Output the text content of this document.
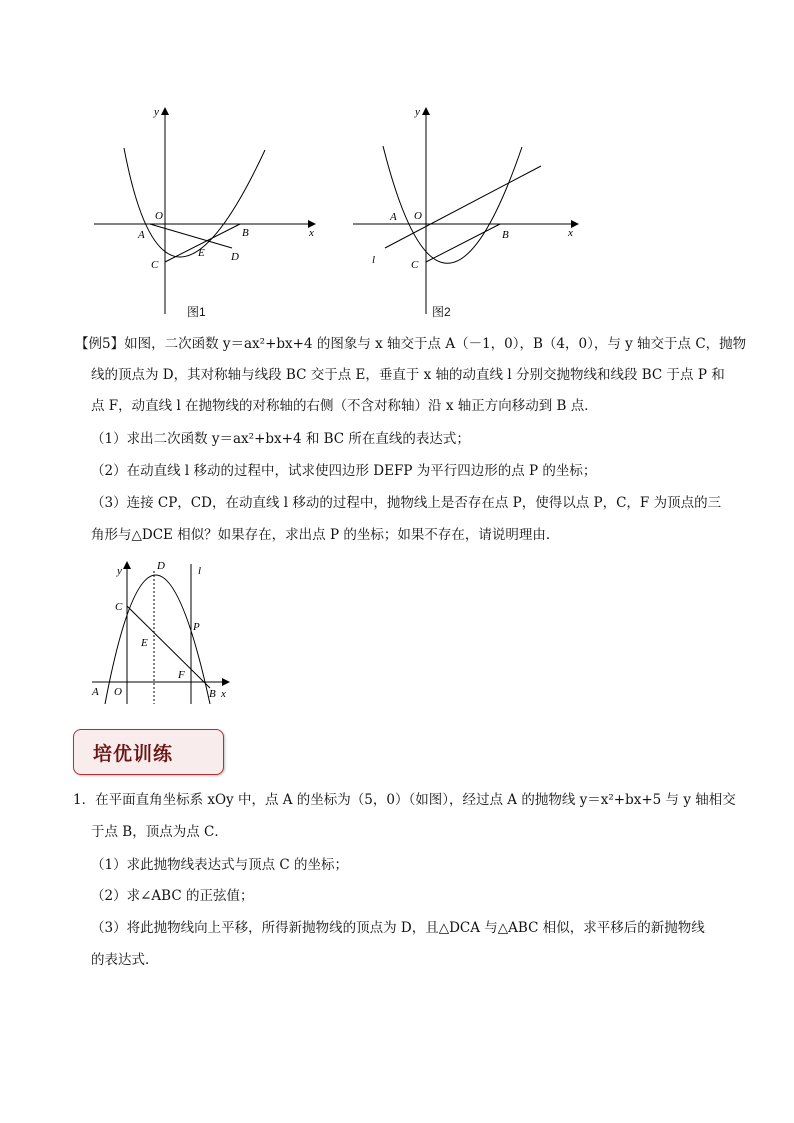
y
x
O
A	B
C
D
E
图1
y
x
O
A
B
C
l
图2
【例5】如图，二次函数 y＝ax²+bx+4 的图象与 x 轴交于点 A（－1，0），B（4，0），与 y 轴交于点 C，抛物
线的顶点为 D，其对称轴与线段 BC 交于点 E，垂直于 x 轴的动直线 l 分别交抛物线和线段 BC 于点 P 和
点 F，动直线 l 在抛物线的对称轴的右侧（不含对称轴）沿 x 轴正方向移动到 B 点．
（1）求出二次函数 y＝ax²+bx+4 和 BC 所在直线的表达式；
（2）在动直线 l 移动的过程中，试求使四边形 DEFP 为平行四边形的点 P 的坐标；
（3）连接 CP，CD，在动直线 l 移动的过程中，抛物线上是否存在点 P，使得以点 P，C，F 为顶点的三
角形与△DCE 相似？如果存在，求出点 P 的坐标；如果不存在，请说明理由．
y
x
O
A	B
C
D
E
F
P
l
培优训练
1．在平面直角坐标系 xOy 中，点 A 的坐标为（5，0）（如图），经过点 A 的抛物线 y＝x²+bx+5 与 y 轴相交
于点 B，顶点为点 C．
（1）求此抛物线表达式与顶点 C 的坐标；
（2）求∠ABC 的正弦值；
（3）将此抛物线向上平移，所得新抛物线的顶点为 D，且△DCA 与△ABC 相似，求平移后的新抛物线
的表达式．
